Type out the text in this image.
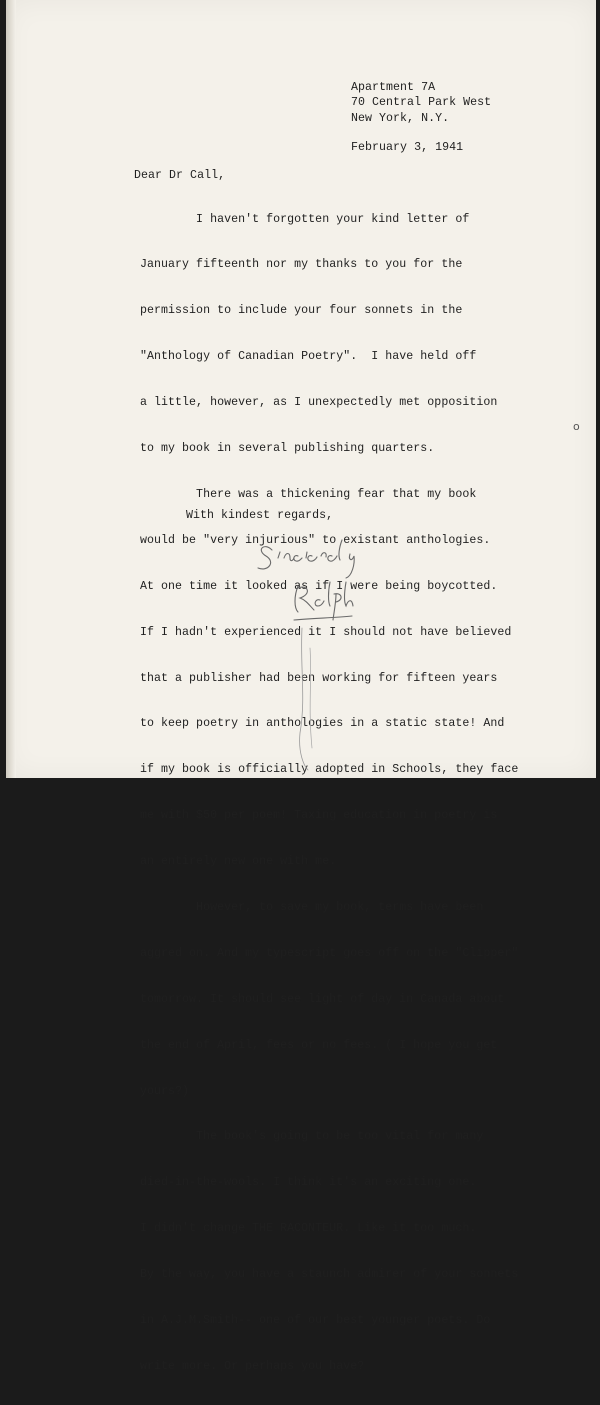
Apartment 7A
70 Central Park West
New York, N.Y.
February 3, 1941
Dear Dr Call,

I haven't forgotten your kind letter of

January fifteenth nor my thanks to you for the

permission to include your four sonnets in the

"Anthology of Canadian Poetry".  I have held off

a little, however, as I unexpectedly met opposition

to my book in several publishing quarters.

There was a thickening fear that my book

would be "very injurious" to existant anthologies.

At one time it looked as if I were being boycotted.

If I hadn't experienced it I should not have believed

that a publisher had been working for fifteen years

to keep poetry in anthologies in a static state! And

if my book is officially adopted in Schools, they face

me with $50 per poem! Taxing education in poetry is

an entirely new one with me.

However, to save my book, terms have been

aggred on. And my typescript goes off on the "Clipper"

tomorrow. It should see light of day in Canada about

the end of April, fees or no fees. ( I hope you get

yours?)

The book's going to be too vital for many

died-in-the-wools. I think it's an exciting one.

I didn't change THE RACONTEUR. Like it too much.

By the way, you have a staunch admirer of your sonnets

in A.J.M.Smith-- one of our best younger poets. Do

write more. Or perhaps you have?

With kindest regards,
Sincerely, Ralph
o
